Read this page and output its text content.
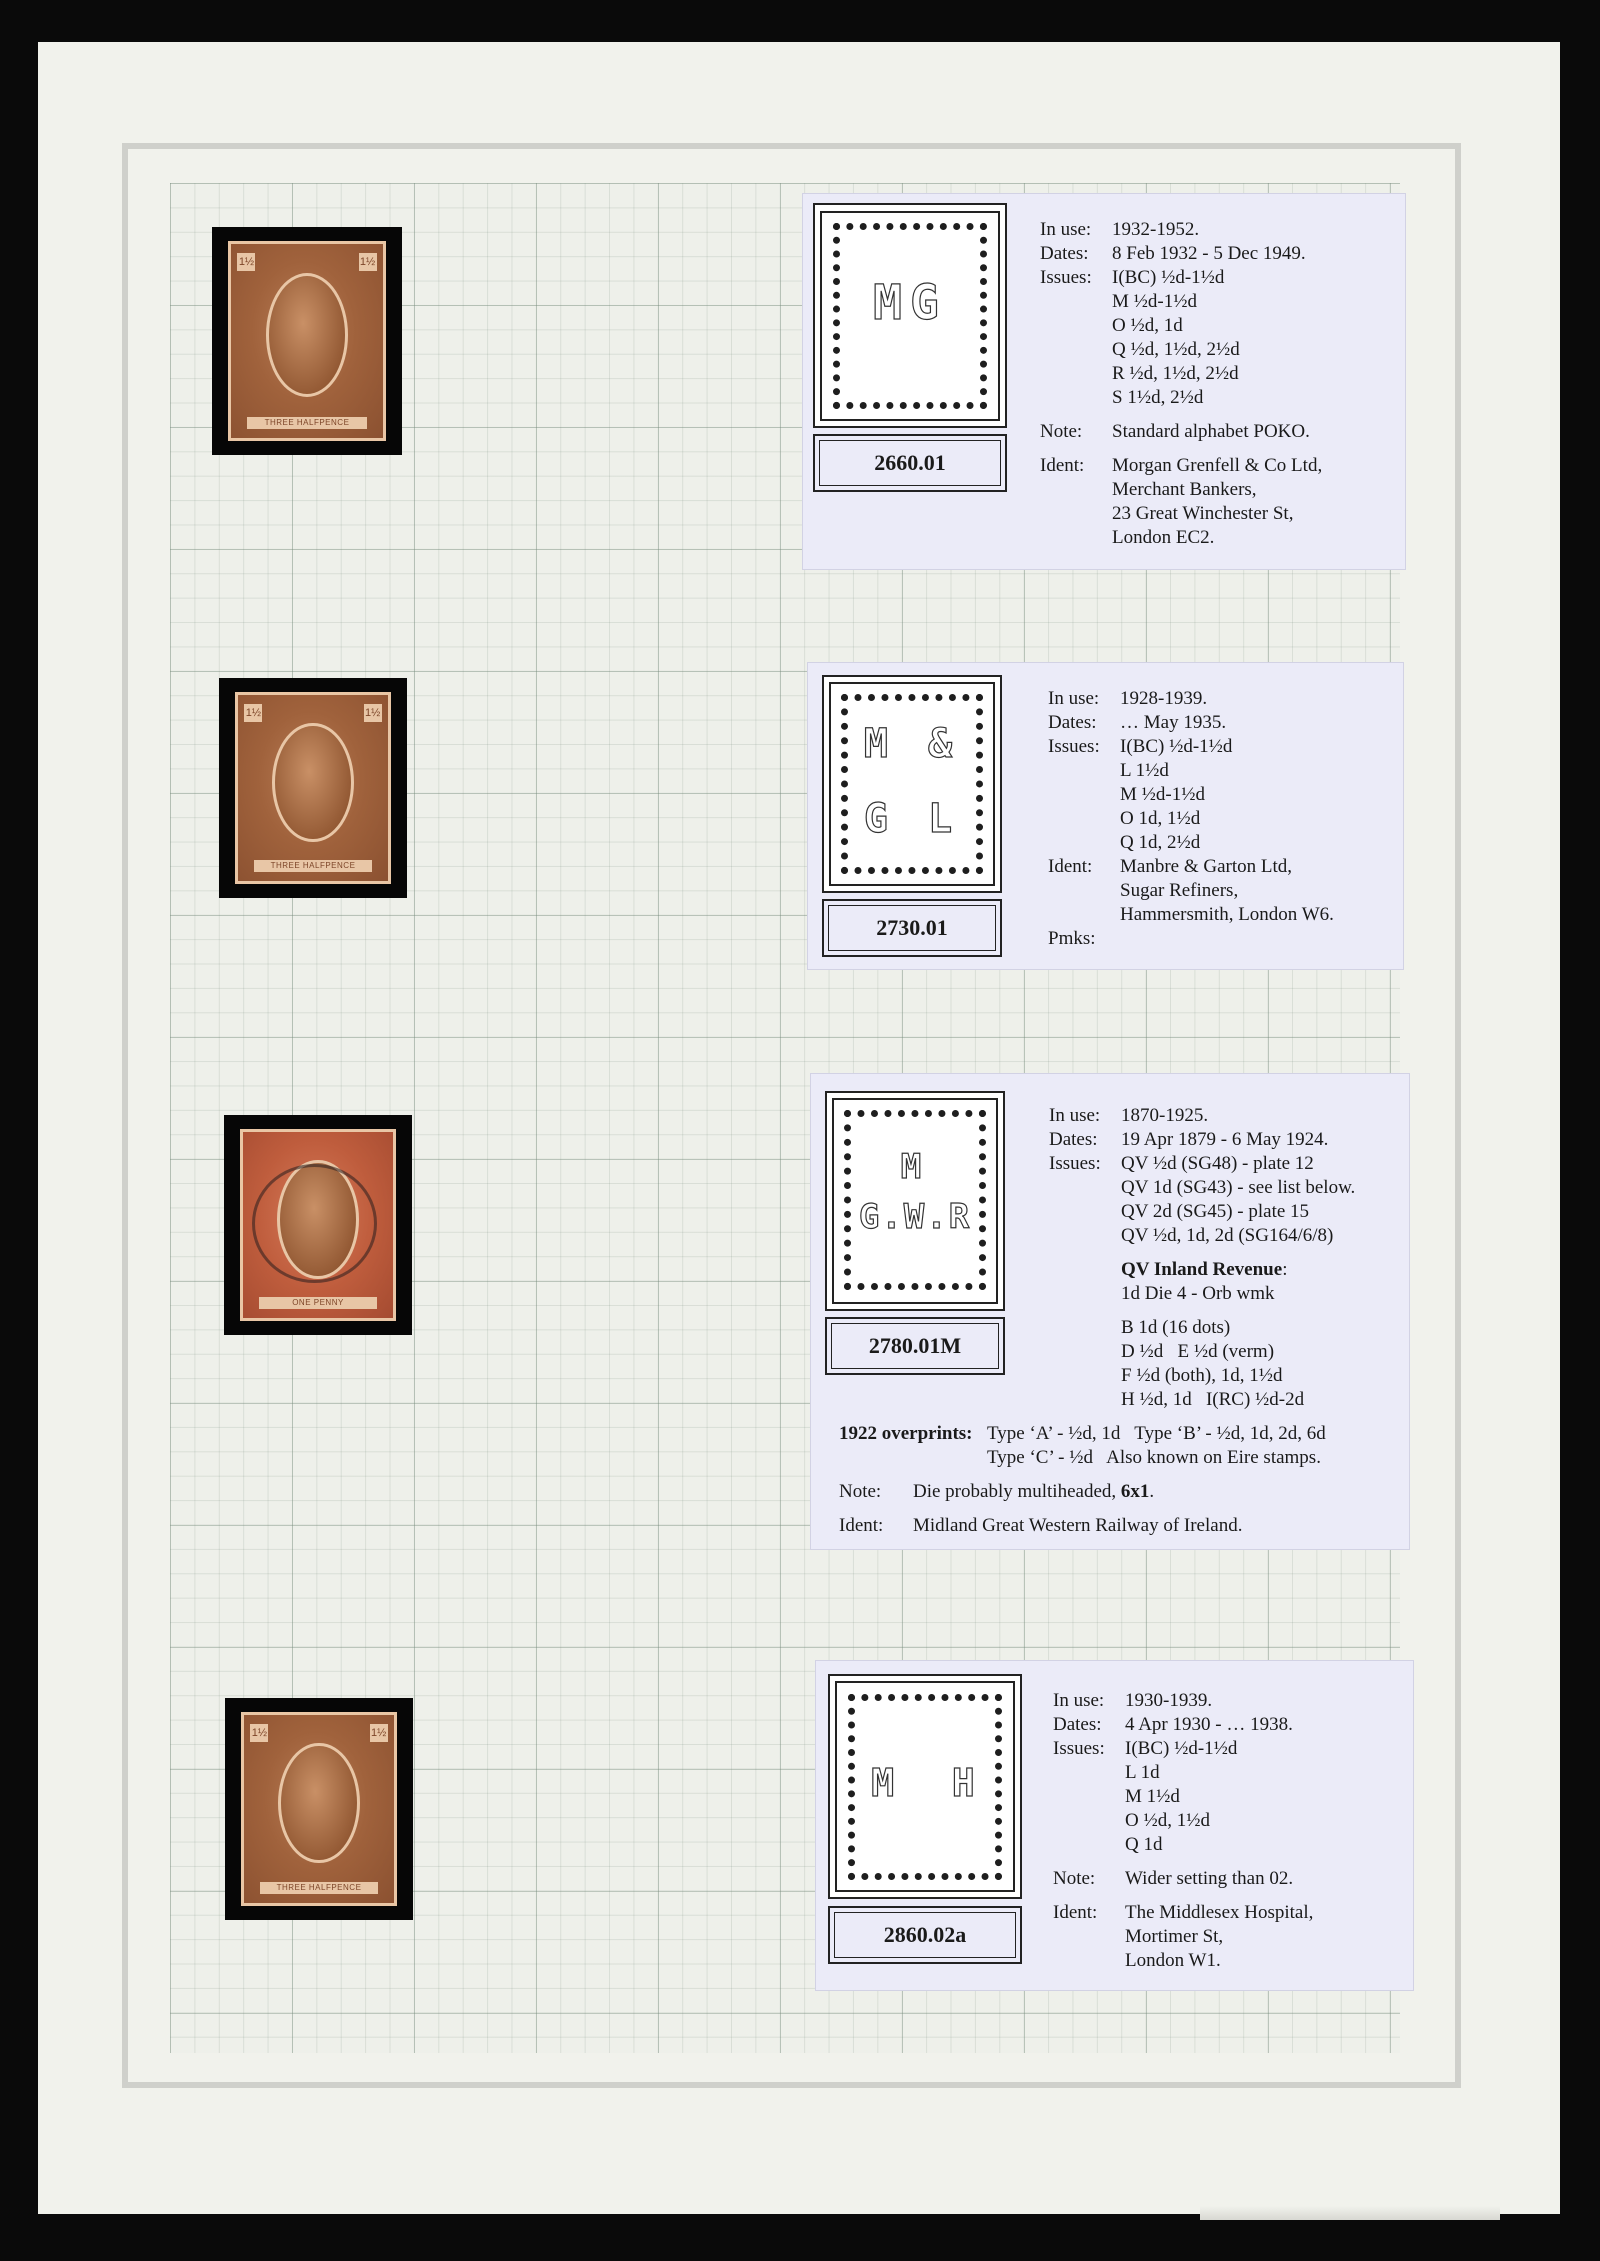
1½	1½
THREE HALFPENCE
1½	1½
THREE HALFPENCE
ONE PENNY
1½	1½
THREE HALFPENCE
MG
2660.01
In use:	1932-1952.
Dates:	8 Feb 1932 - 5 Dec 1949.
Issues:	I(BC) ½d-1½d
M ½d-1½d
O ½d, 1d
Q ½d, 1½d, 2½d
R ½d, 1½d, 2½d
S 1½d, 2½d
Note:	Standard alphabet POKO.
Ident:	Morgan Grenfell & Co Ltd,
Merchant Bankers,
23 Great Winchester St,
London EC2.
M &
G L
2730.01
In use:	1928-1939.
Dates:	… May 1935.
Issues:	I(BC) ½d-1½d
L 1½d
M ½d-1½d
O 1d, 1½d
Q 1d, 2½d
Ident:	Manbre & Garton Ltd,
Sugar Refiners,
Hammersmith, London W6.
Pmks:
M
G.W.R
2780.01M
In use:	1870-1925.
Dates:	19 Apr 1879 - 6 May 1924.
Issues:	QV ½d (SG48) - plate 12
QV 1d (SG43) - see list below.
QV 2d (SG45) - plate 15
QV ½d, 1d, 2d (SG164/6/8)
QV Inland Revenue:
1d Die 4 - Orb wmk
B 1d (16 dots)
D ½d   E ½d (verm)
F ½d (both), 1d, 1½d
H ½d, 1d   I(RC) ½d-2d
1922 overprints: Type ‘A’ - ½d, 1d   Type ‘B’ - ½d, 1d, 2d, 6d
Type ‘C’ - ½d   Also known on Eire stamps.
Note:	Die probably multiheaded, 6x1.
Ident:	Midland Great Western Railway of Ireland.
M  H
2860.02a
In use:	1930-1939.
Dates:	4 Apr 1930 - … 1938.
Issues:	I(BC) ½d-1½d
L 1d
M 1½d
O ½d, 1½d
Q 1d
Note:	Wider setting than 02.
Ident:	The Middlesex Hospital,
Mortimer St,
London W1.
